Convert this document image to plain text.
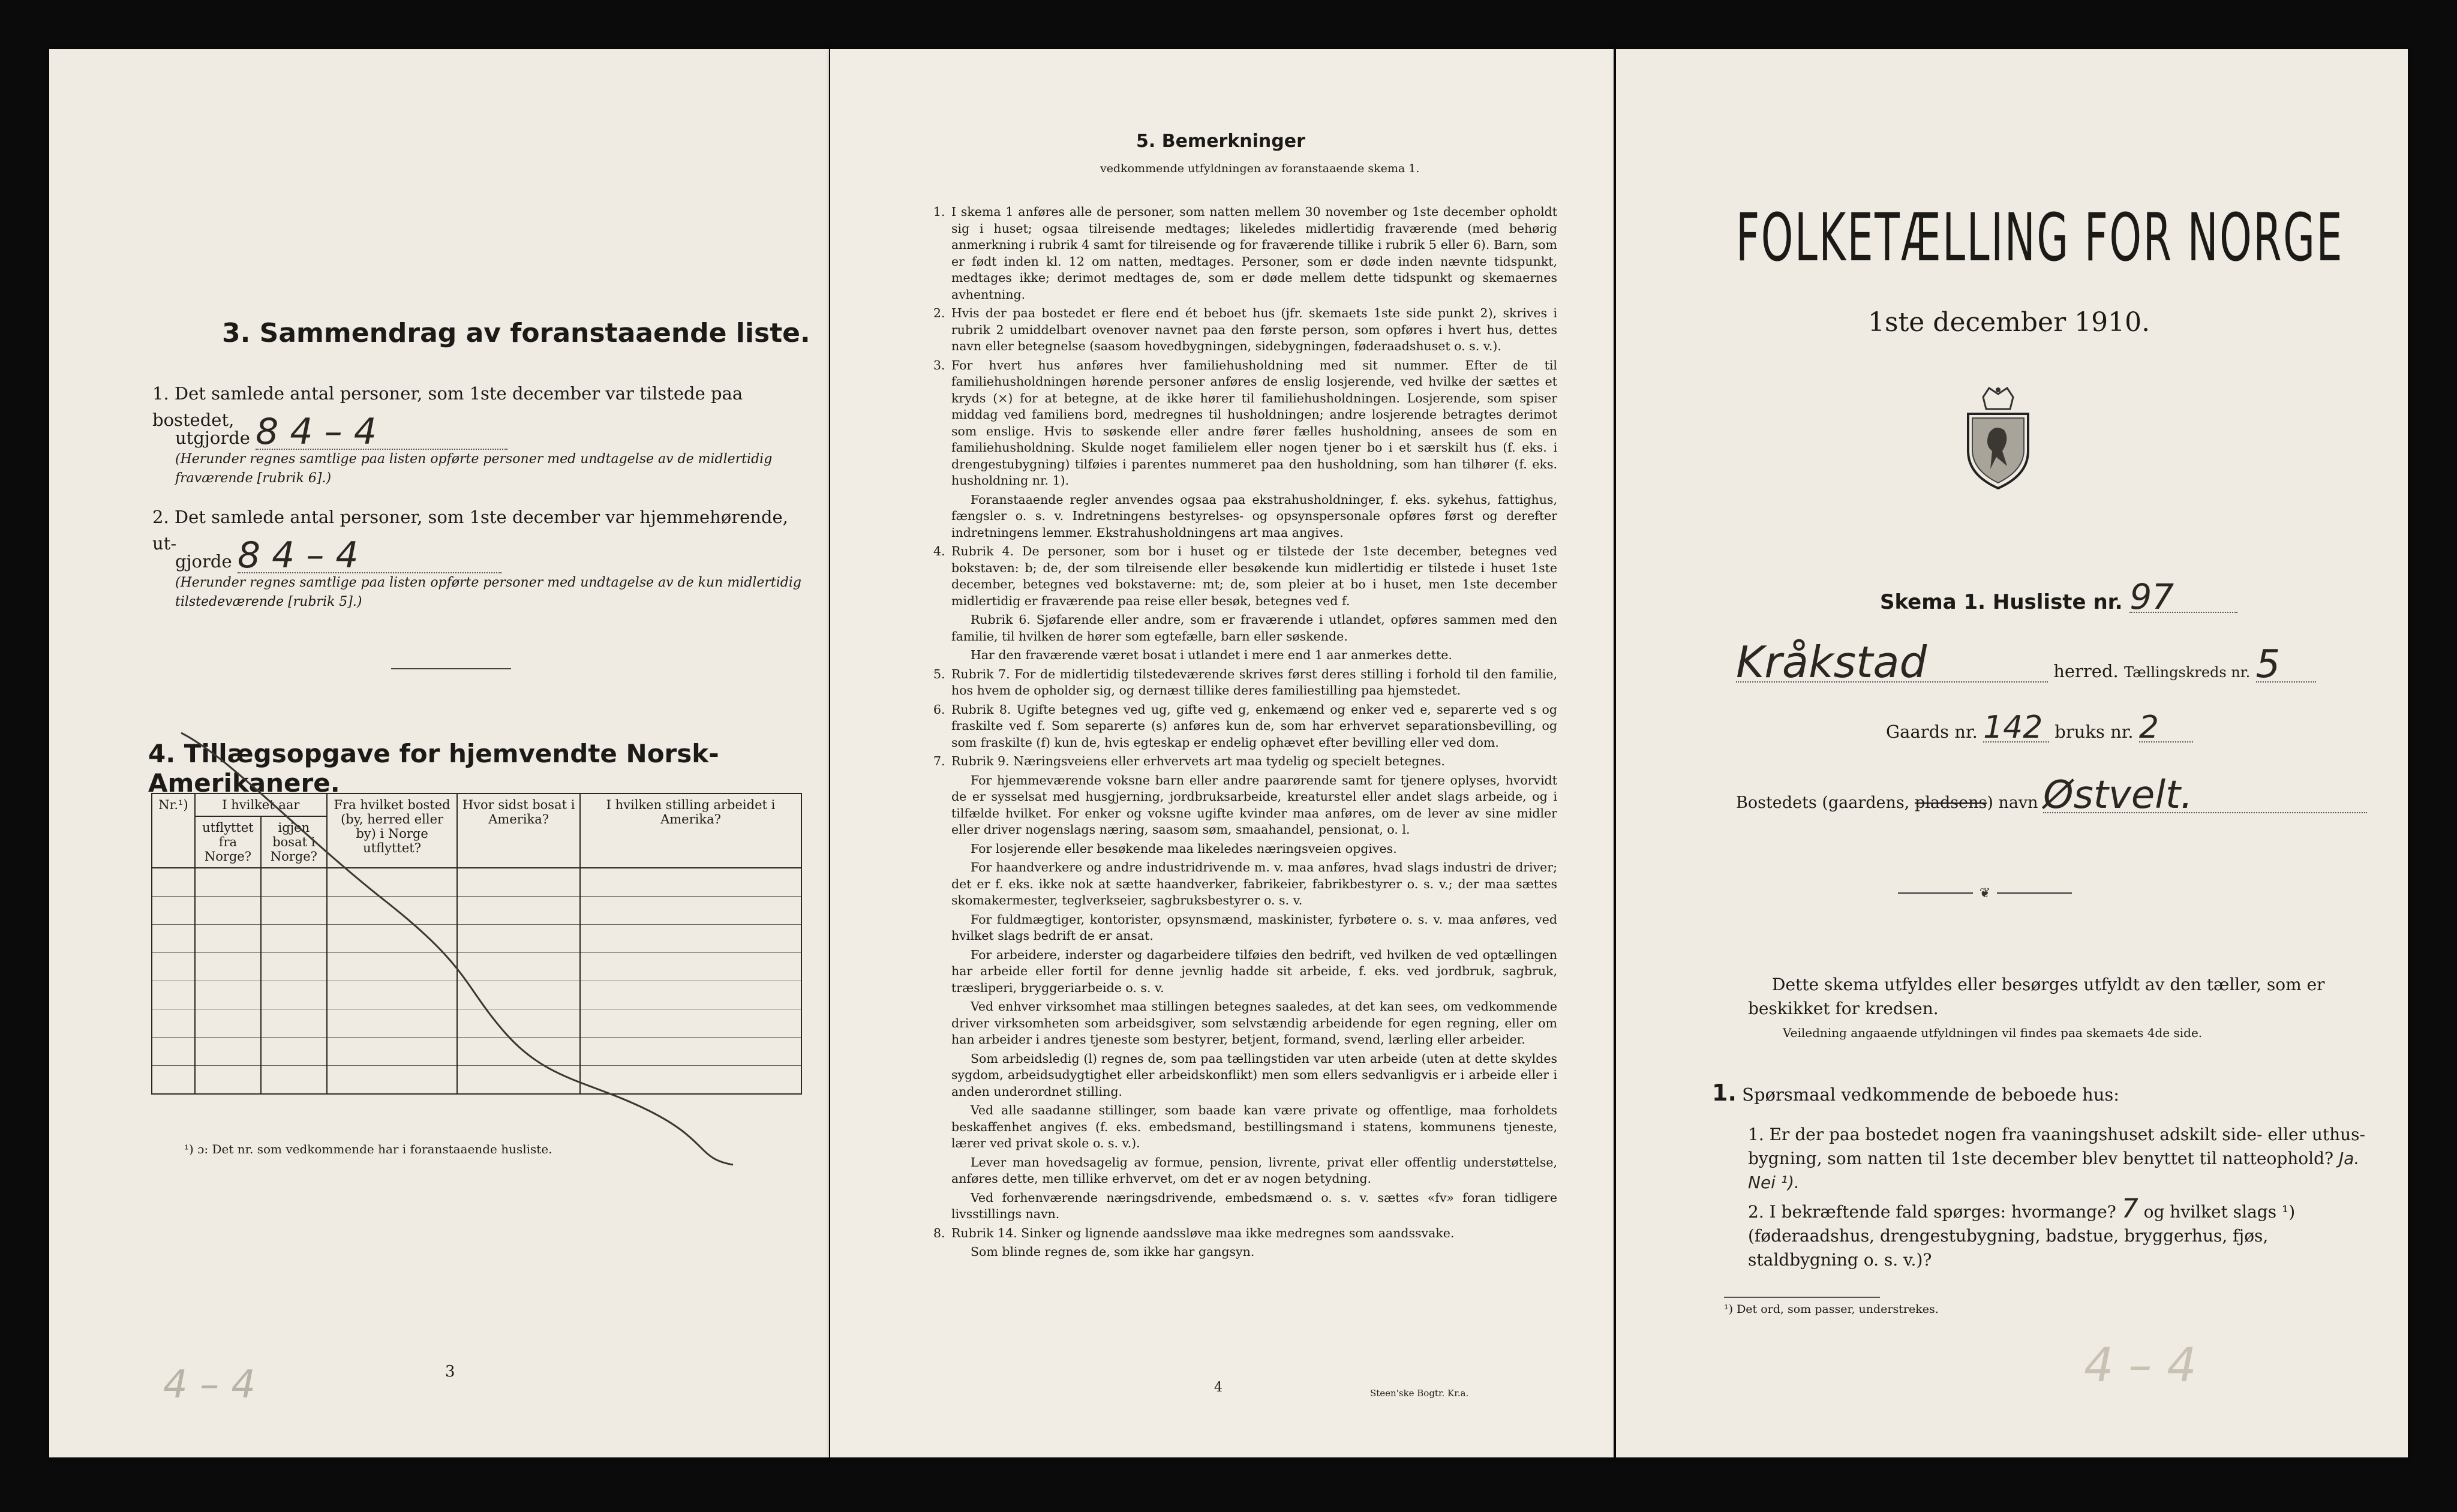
3. Sammendrag av foranstaaende liste.
1. Det samlede antal personer, som 1ste december var tilstede paa bostedet,
utgjorde 8 4 – 4
(Herunder regnes samtlige paa listen opførte personer med undtagelse av de midlertidig fraværende [rubrik 6].)
2. Det samlede antal personer, som 1ste december var hjemmehørende, ut-
gjorde 8 4 – 4
(Herunder regnes samtlige paa listen opførte personer med undtagelse av de kun midlertidig tilstedeværende [rubrik 5].)
4. Tillægsopgave for hjemvendte Norsk-Amerikanere.
Nr.¹)	I hvilket aar		Fra hvilket bosted (by, herred eller by) i Norge utflyttet?	Hvor sidst bosat i Amerika?	I hvilken stilling arbeidet i Amerika?
	utflyttet fra Norge?	igjen bosat i Norge?			

¹) ɔ: Det nr. som vedkommende har i foranstaaende husliste.
4 – 4	3
5. Bemerkninger
vedkommende utfyldningen av foranstaaende skema 1.
1. I skema 1 anføres alle de personer, som natten mellem 30 november og 1ste december opholdt sig i huset; ogsaa tilreisende medtages; likeledes midlertidig fraværende (med behørig anmerkning i rubrik 4 samt for tilreisende og for fraværende tillike i rubrik 5 eller 6). Barn, som er født inden kl. 12 om natten, medtages. Personer, som er døde inden nævnte tidspunkt, medtages ikke; derimot medtages de, som er døde mellem dette tidspunkt og skemaernes avhentning.
2. Hvis der paa bostedet er flere end ét beboet hus (jfr. skemaets 1ste side punkt 2), skrives i rubrik 2 umiddelbart ovenover navnet paa den første person, som opføres i hvert hus, dettes navn eller betegnelse (saasom hovedbygningen, sidebygningen, føderaadshuset o. s. v.).
3. For hvert hus anføres hver familiehusholdning med sit nummer. Efter de til familiehusholdningen hørende personer anføres de enslig losjerende, ved hvilke der sættes et kryds (×) for at betegne, at de ikke hører til familiehusholdningen. Losjerende, som spiser middag ved familiens bord, medregnes til husholdningen; andre losjerende betragtes derimot som enslige. Hvis to søskende eller andre fører fælles husholdning, ansees de som en familiehusholdning. Skulde noget familielem eller nogen tjener bo i et særskilt hus (f. eks. i drengestubygning) tilføies i parentes nummeret paa den husholdning, som han tilhører (f. eks. husholdning nr. 1).
Foranstaaende regler anvendes ogsaa paa ekstrahusholdninger, f. eks. sykehus, fattighus, fængsler o. s. v. Indretningens bestyrelses- og opsynspersonale opføres først og derefter indretningens lemmer. Ekstrahusholdningens art maa angives.
4. Rubrik 4. De personer, som bor i huset og er tilstede der 1ste december, betegnes ved bokstaven: b; de, der som tilreisende eller besøkende kun midlertidig er tilstede i huset 1ste december, betegnes ved bokstaverne: mt; de, som pleier at bo i huset, men 1ste december midlertidig er fraværende paa reise eller besøk, betegnes ved f.
Rubrik 6. Sjøfarende eller andre, som er fraværende i utlandet, opføres sammen med den familie, til hvilken de hører som egtefælle, barn eller søskende.
Har den fraværende været bosat i utlandet i mere end 1 aar anmerkes dette.
5. Rubrik 7. For de midlertidig tilstedeværende skrives først deres stilling i forhold til den familie, hos hvem de opholder sig, og dernæst tillike deres familiestilling paa hjemstedet.
6. Rubrik 8. Ugifte betegnes ved ug, gifte ved g, enkemænd og enker ved e, separerte ved s og fraskilte ved f. Som separerte (s) anføres kun de, som har erhvervet separationsbevilling, og som fraskilte (f) kun de, hvis egteskap er endelig ophævet efter bevilling eller ved dom.
7. Rubrik 9. Næringsveiens eller erhvervets art maa tydelig og specielt betegnes.
For hjemmeværende voksne barn eller andre paarørende samt for tjenere oplyses, hvorvidt de er sysselsat med husgjerning, jordbruksarbeide, kreaturstel eller andet slags arbeide, og i tilfælde hvilket. For enker og voksne ugifte kvinder maa anføres, om de lever av sine midler eller driver nogenslags næring, saasom søm, smaahandel, pensionat, o. l.
For losjerende eller besøkende maa likeledes næringsveien opgives.
For haandverkere og andre industridrivende m. v. maa anføres, hvad slags industri de driver; det er f. eks. ikke nok at sætte haandverker, fabrikeier, fabrikbestyrer o. s. v.; der maa sættes skomakermester, teglverkseier, sagbruksbestyrer o. s. v.
For fuldmægtiger, kontorister, opsynsmænd, maskinister, fyrbøtere o. s. v. maa anføres, ved hvilket slags bedrift de er ansat.
For arbeidere, inderster og dagarbeidere tilføies den bedrift, ved hvilken de ved optællingen har arbeide eller fortil for denne jevnlig hadde sit arbeide, f. eks. ved jordbruk, sagbruk, træsliperi, bryggeriarbeide o. s. v.
Ved enhver virksomhet maa stillingen betegnes saaledes, at det kan sees, om vedkommende driver virksomheten som arbeidsgiver, som selvstændig arbeidende for egen regning, eller om han arbeider i andres tjeneste som bestyrer, betjent, formand, svend, lærling eller arbeider.
Som arbeidsledig (l) regnes de, som paa tællingstiden var uten arbeide (uten at dette skyldes sygdom, arbeidsudygtighet eller arbeidskonflikt) men som ellers sedvanligvis er i arbeide eller i anden underordnet stilling.
Ved alle saadanne stillinger, som baade kan være private og offentlige, maa forholdets beskaffenhet angives (f. eks. embedsmand, bestillingsmand i statens, kommunens tjeneste, lærer ved privat skole o. s. v.).
Lever man hovedsagelig av formue, pension, livrente, privat eller offentlig understøttelse, anføres dette, men tillike erhvervet, om det er av nogen betydning.
Ved forhenværende næringsdrivende, embedsmænd o. s. v. sættes «fv» foran tidligere livsstillings navn.
8. Rubrik 14. Sinker og lignende aandssløve maa ikke medregnes som aandssvake.
Som blinde regnes de, som ikke har gangsyn.
4	Steen'ske Bogtr. Kr.a.
FOLKETÆLLING FOR NORGE
1ste december 1910.
Skema 1. Husliste nr. 97
Kråkstad	herred. Tællingskreds nr. 5
Gaards nr. 142 bruks nr. 2
Bostedets (gaardens, pladsens) navn Østvelt.
❦
Dette skema utfyldes eller besørges utfyldt av den tæller, som er beskikket for kredsen.
Veiledning angaaende utfyldningen vil findes paa skemaets 4de side.
1. Spørsmaal vedkommende de beboede hus:
1. Er der paa bostedet nogen fra vaaningshuset adskilt side- eller uthus-bygning, som natten til 1ste december blev benyttet til natteophold? Ja. Nei ¹).
2. I bekræftende fald spørges: hvormange? 7 og hvilket slags ¹) (føderaadshus, drengestubygning, badstue, bryggerhus, fjøs, staldbygning o. s. v.)?
¹) Det ord, som passer, understrekes.
4 – 4
